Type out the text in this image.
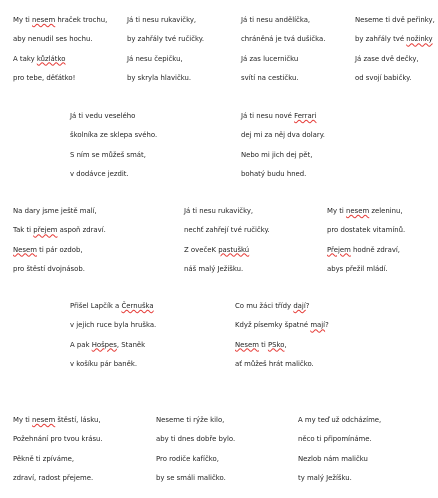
My ti nesem hraček trochu,
aby nenudil ses hochu.
A taky kůzlátko
pro tebe, děťátko!
Já ti nesu rukavičky,
by zahřály tvé ručičky.
Já nesu čepičku,
by skryla hlavičku.
Já ti nesu andělíčka,
chráněná je tvá dušička.
Já zas lucerničku
svítí na cestičku.
Neseme ti dvě peřinky,
by zahřály tvé nožinky
Já zase dvě dečky,
od svojí babičky.
Já ti vedu veselého
školníka ze sklepa svého.
S ním se můžeš smát,
v dodávce jezdit.
Já ti nesu nové Ferrari
dej mi za něj dva dolary.
Nebo mi jich dej pět,
bohatý budu hned.
Na dary jsme ještě malí,
Tak ti přejem aspoň zdraví.
Nesem ti pár ozdob,
pro štěstí dvojnásob.
Já ti nesu rukavičky,
nechť zahřejí tvé ručičky.
Z ovečeK pastuškú
náš malý Ježíšku.
My ti nesem zeleninu,
pro dostatek vitamínů.
Přejem hodně zdraví,
abys přežil mládí.
Přišel Lapčík a Černuška
v jejich ruce byla hruška.
A pak Hošpes, Staněk
v košíku pár baněk.
Co mu žáci třídy dají?
Když písemky špatné mají?
Nesem ti PSko,
ať můžeš hrát maličko.
My ti nesem štěstí, lásku,
Požehnání pro tvou krásu.
Pěkně ti zpíváme,
zdraví, radost přejeme.
Neseme ti rýže kilo,
aby ti dnes dobře bylo.
Pro rodiče kafíčko,
by se smáli maličko.
A my teď už odcházíme,
něco ti připomínáme.
Nezlob nám maličku
ty malý Ježíšku.
